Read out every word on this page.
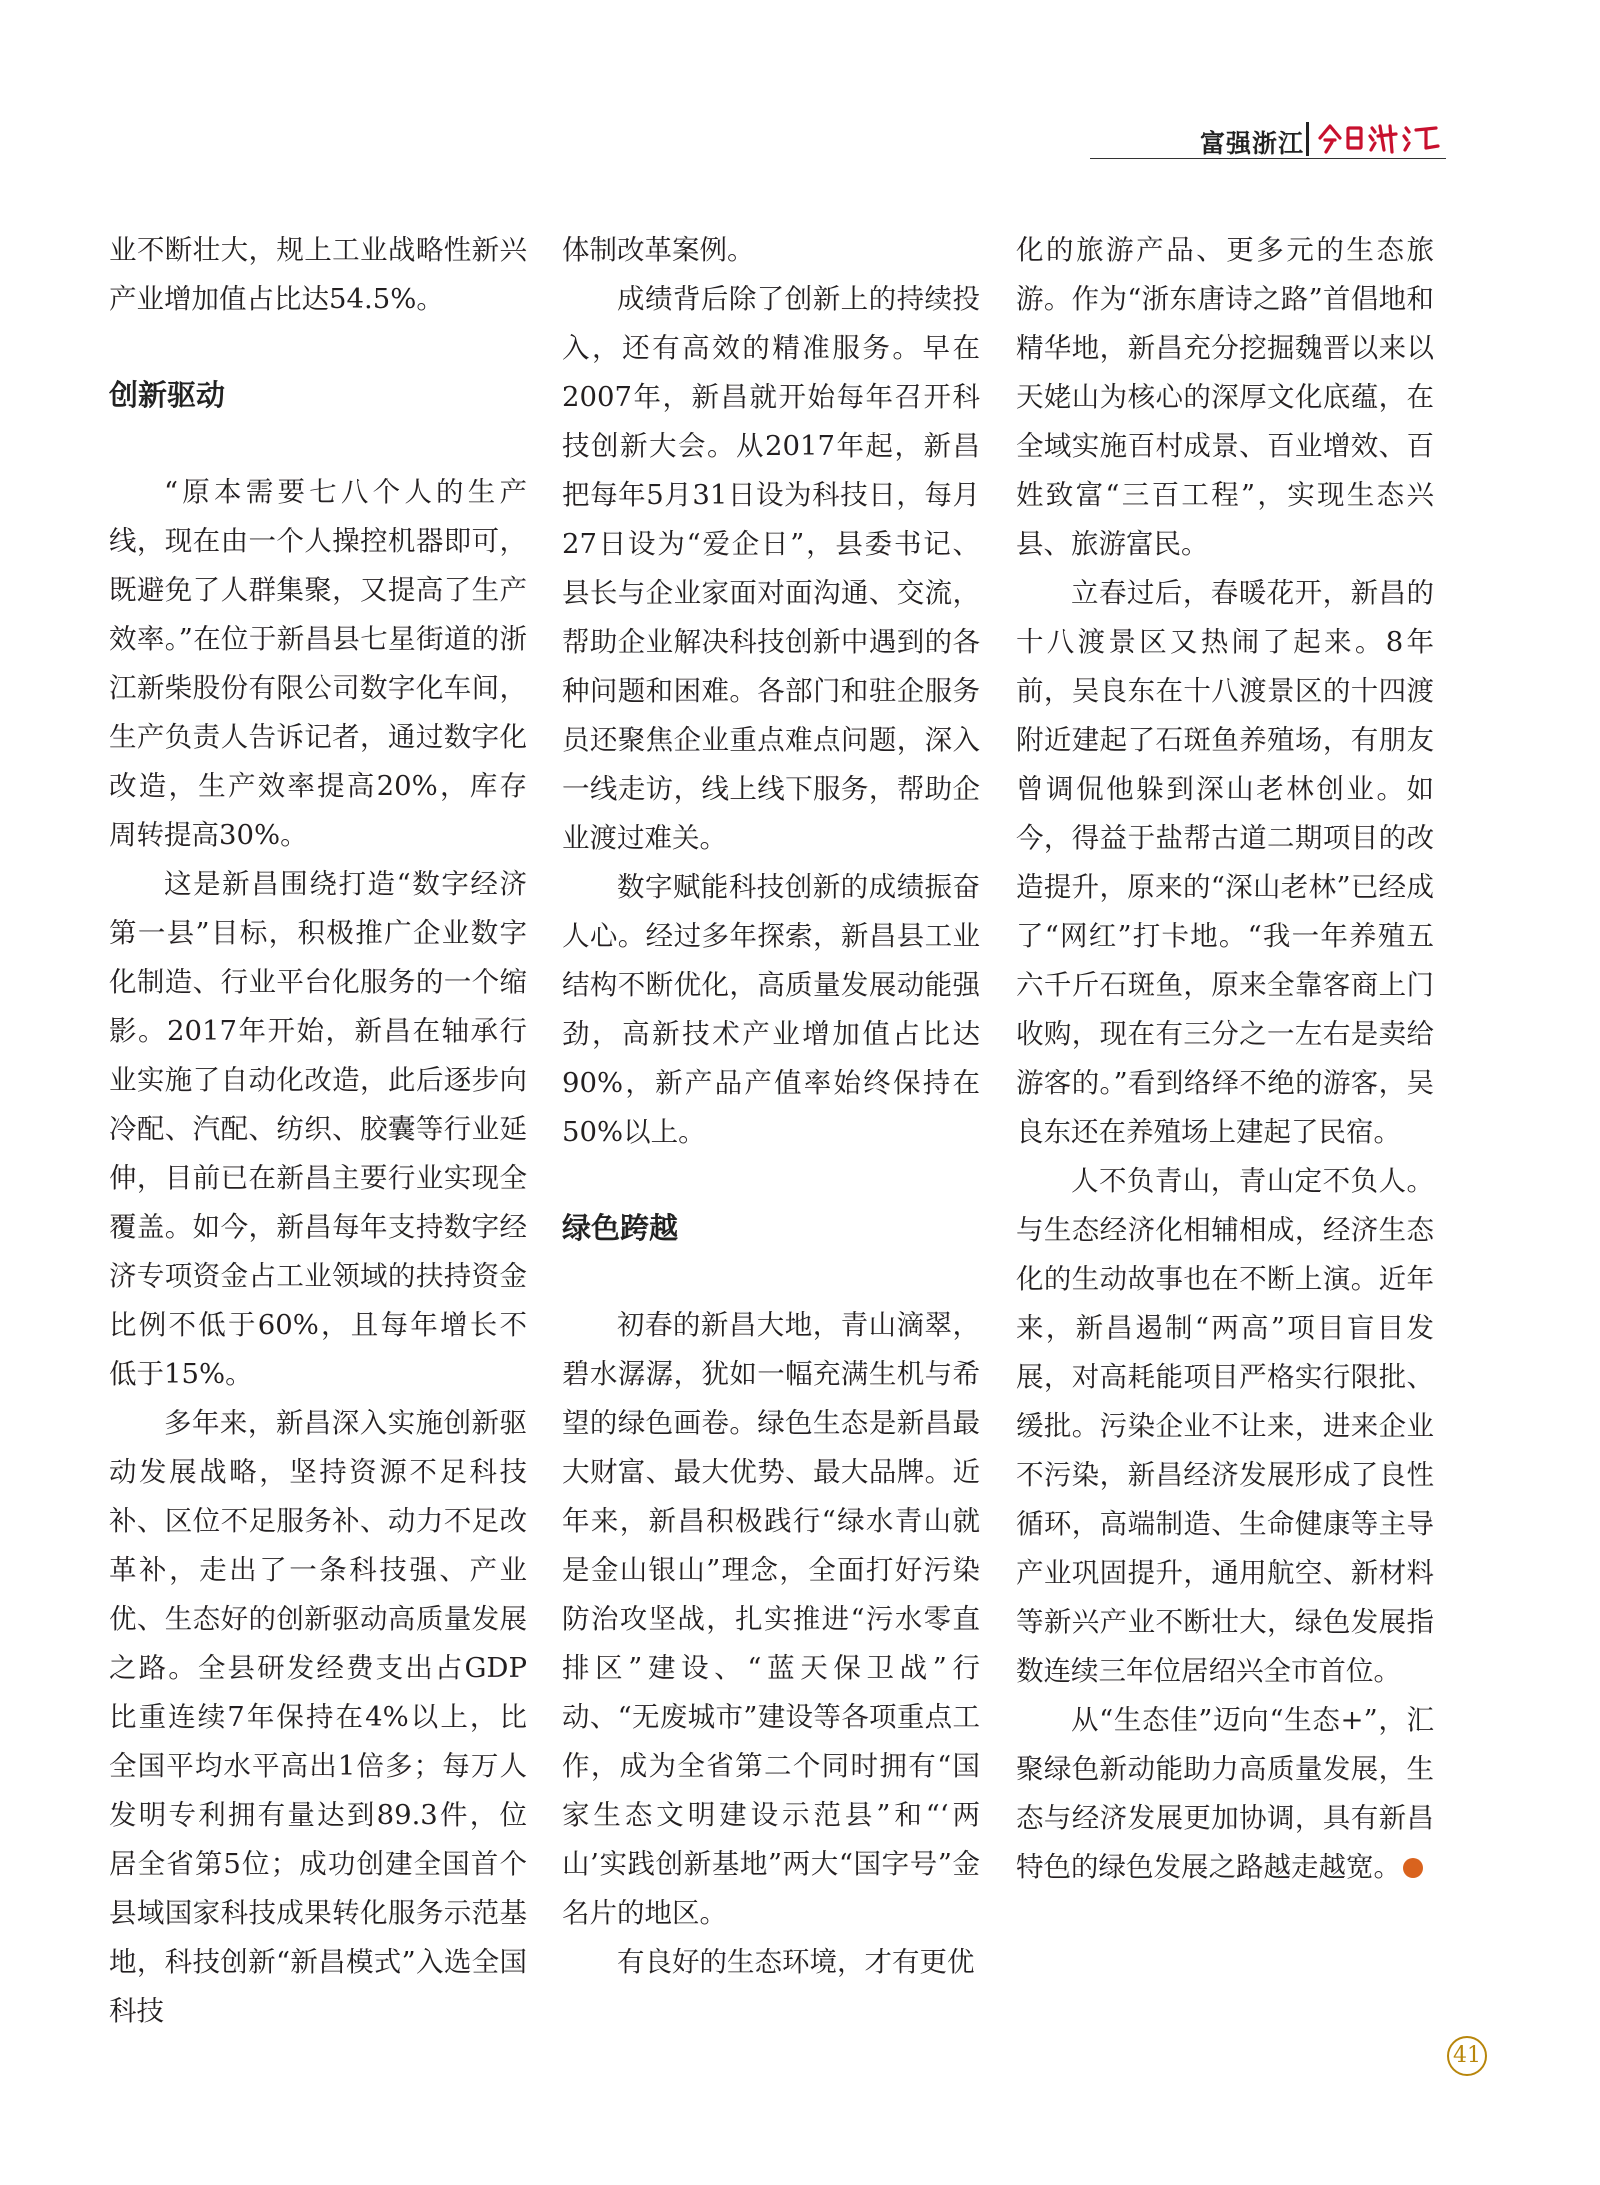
富强浙江

业不断壮大，规上工业战略性新兴产业增加值占比达54.5%。

创新驱动

“原本需要七八个人的生产线，现在由一个人操控机器即可，既避免了人群集聚，又提高了生产效率。”在位于新昌县七星街道的浙江新柴股份有限公司数字化车间，生产负责人告诉记者，通过数字化改造，生产效率提高20%，库存周转提高30%。

这是新昌围绕打造“数字经济第一县”目标，积极推广企业数字化制造、行业平台化服务的一个缩影。2017年开始，新昌在轴承行业实施了自动化改造，此后逐步向冷配、汽配、纺织、胶囊等行业延伸，目前已在新昌主要行业实现全覆盖。如今，新昌每年支持数字经济专项资金占工业领域的扶持资金比例不低于60%，且每年增长不低于15%。

多年来，新昌深入实施创新驱动发展战略，坚持资源不足科技补、区位不足服务补、动力不足改革补，走出了一条科技强、产业优、生态好的创新驱动高质量发展之路。全县研发经费支出占GDP比重连续7年保持在4%以上，比全国平均水平高出1倍多；每万人发明专利拥有量达到89.3件，位居全省第5位；成功创建全国首个县域国家科技成果转化服务示范基地，科技创新“新昌模式”入选全国科技

体制改革案例。

成绩背后除了创新上的持续投入，还有高效的精准服务。早在2007年，新昌就开始每年召开科技创新大会。从2017年起，新昌把每年5月31日设为科技日，每月27日设为“爱企日”，县委书记、县长与企业家面对面沟通、交流，帮助企业解决科技创新中遇到的各种问题和困难。各部门和驻企服务员还聚焦企业重点难点问题，深入一线走访，线上线下服务，帮助企业渡过难关。

数字赋能科技创新的成绩振奋人心。经过多年探索，新昌县工业结构不断优化，高质量发展动能强劲，高新技术产业增加值占比达90%，新产品产值率始终保持在50%以上。

绿色跨越

初春的新昌大地，青山滴翠，碧水潺潺，犹如一幅充满生机与希望的绿色画卷。绿色生态是新昌最大财富、最大优势、最大品牌。近年来，新昌积极践行“绿水青山就是金山银山”理念，全面打好污染防治攻坚战，扎实推进“污水零直排区”建设、“蓝天保卫战”行动、“无废城市”建设等各项重点工作，成为全省第二个同时拥有“国家生态文明建设示范县”和“‘两山’实践创新基地”两大“国字号”金名片的地区。

有良好的生态环境，才有更优

化的旅游产品、更多元的生态旅游。作为“浙东唐诗之路”首倡地和精华地，新昌充分挖掘魏晋以来以天姥山为核心的深厚文化底蕴，在全域实施百村成景、百业增效、百姓致富“三百工程”，实现生态兴县、旅游富民。

立春过后，春暖花开，新昌的十八渡景区又热闹了起来。8年前，吴良东在十八渡景区的十四渡附近建起了石斑鱼养殖场，有朋友曾调侃他躲到深山老林创业。如今，得益于盐帮古道二期项目的改造提升，原来的“深山老林”已经成了“网红”打卡地。“我一年养殖五六千斤石斑鱼，原来全靠客商上门收购，现在有三分之一左右是卖给游客的。”看到络绎不绝的游客，吴良东还在养殖场上建起了民宿。

人不负青山，青山定不负人。与生态经济化相辅相成，经济生态化的生动故事也在不断上演。近年来，新昌遏制“两高”项目盲目发展，对高耗能项目严格实行限批、缓批。污染企业不让来，进来企业不污染，新昌经济发展形成了良性循环，高端制造、生命健康等主导产业巩固提升，通用航空、新材料等新兴产业不断壮大，绿色发展指数连续三年位居绍兴全市首位。

从“生态佳”迈向“生态+”，汇聚绿色新动能助力高质量发展，生态与经济发展更加协调，具有新昌特色的绿色发展之路越走越宽。

41
